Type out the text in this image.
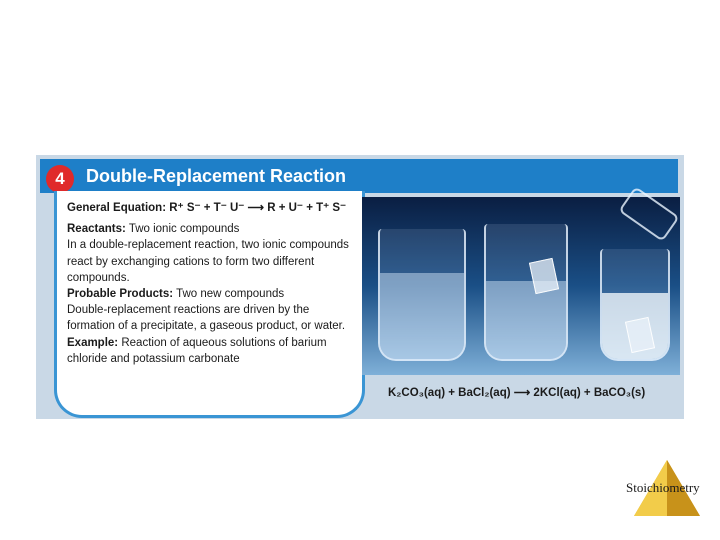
4	Double-Replacement Reaction
General Equation: R⁺ S⁻ + T⁻ U⁻ ⟶ R + U⁻ + T⁺ S⁻
Reactants: Two ionic compounds
In a double-replacement reaction, two ionic compounds react by exchanging cations to form two different compounds.
Probable Products: Two new compounds
Double-replacement reactions are driven by the formation of a precipitate, a gaseous product, or water.
Example: Reaction of aqueous solutions of barium chloride and potassium carbonate
K₂CO₃(aq) + BaCl₂(aq) ⟶ 2KCl(aq) + BaCO₃(s)
Stoichiometry
